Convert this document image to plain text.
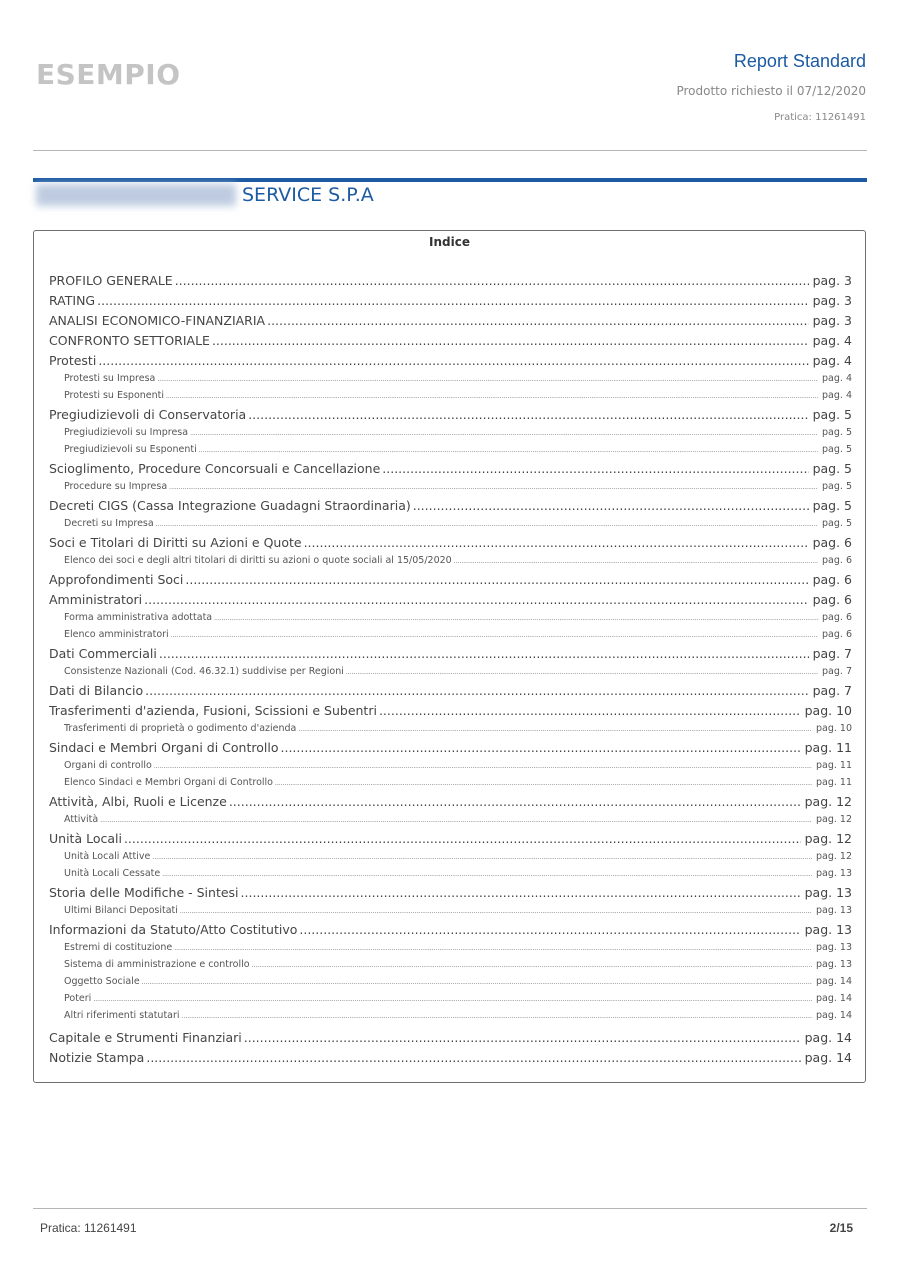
ESEMPIO	Report Standard
Prodotto richiesto il 07/12/2020
Pratica: 11261491
SERVICE S.P.A
Indice
PROFILO GENERALE .....	pag. 3
RATING .....	pag. 3
ANALISI ECONOMICO-FINANZIARIA .....	pag. 3
CONFRONTO SETTORIALE .....	pag. 4
Protesti .....	pag. 4
Protesti su Impresa .....	pag. 4
Protesti su Esponenti .....	pag. 4
Pregiudizievoli di Conservatoria .....	pag. 5
Pregiudizievoli su Impresa .....	pag. 5
Pregiudizievoli su Esponenti .....	pag. 5
Scioglimento, Procedure Concorsuali e Cancellazione .....	pag. 5
Procedure su Impresa .....	pag. 5
Decreti CIGS (Cassa Integrazione Guadagni Straordinaria) .....	pag. 5
Decreti su Impresa .....	pag. 5
Soci e Titolari di Diritti su Azioni e Quote .....	pag. 6
Elenco dei soci e degli altri titolari di diritti su azioni o quote sociali al 15/05/2020 .....	pag. 6
Approfondimenti Soci .....	pag. 6
Amministratori .....	pag. 6
Forma amministrativa adottata .....	pag. 6
Elenco amministratori .....	pag. 6
Dati Commerciali .....	pag. 7
Consistenze Nazionali (Cod. 46.32.1) suddivise per Regioni .....	pag. 7
Dati di Bilancio .....	pag. 7
Trasferimenti d'azienda, Fusioni, Scissioni e Subentri .....	pag. 10
Trasferimenti di proprietà o godimento d'azienda .....	pag. 10
Sindaci e Membri Organi di Controllo .....	pag. 11
Organi di controllo .....	pag. 11
Elenco Sindaci e Membri Organi di Controllo .....	pag. 11
Attività, Albi, Ruoli e Licenze .....	pag. 12
Attività .....	pag. 12
Unità Locali .....	pag. 12
Unità Locali Attive .....	pag. 12
Unità Locali Cessate .....	pag. 13
Storia delle Modifiche - Sintesi .....	pag. 13
Ultimi Bilanci Depositati .....	pag. 13
Informazioni da Statuto/Atto Costitutivo .....	pag. 13
Estremi di costituzione .....	pag. 13
Sistema di amministrazione e controllo .....	pag. 13
Oggetto Sociale .....	pag. 14
Poteri .....	pag. 14
Altri riferimenti statutari .....	pag. 14
Capitale e Strumenti Finanziari .....	pag. 14
Notizie Stampa .....	pag. 14
Pratica: 11261491	2/15
